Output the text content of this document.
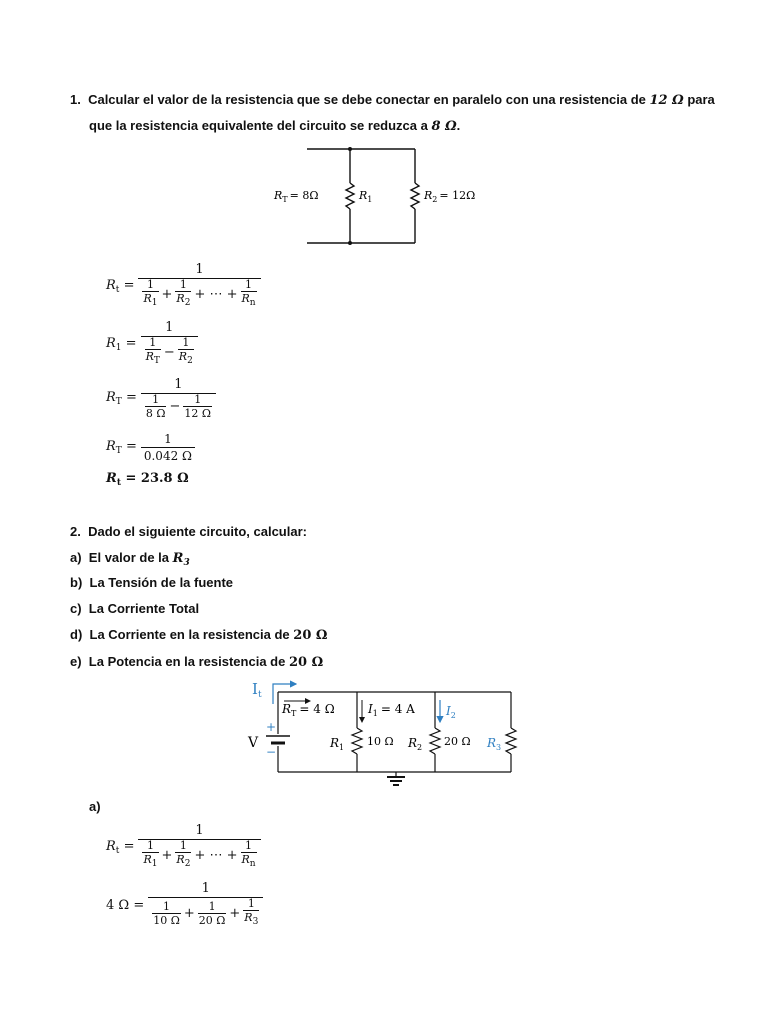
1. Calcular el valor de la resistencia que se debe conectar en paralelo con una resistencia de 12 Ω para
que la resistencia equivalente del circuito se reduzca a 8 Ω.
$R_T = 8\Omega$	$R_1$	$R_2 = 12\Omega$
$R_t = 1$
1
$R_1$
+ $\frac{1}{R_2}$ + ⋯ + $\frac{1}{R_n}$
$R_1 = 1$
1
$R_T$
− $\frac{1}{R_2}$
$R_T = 1$
1
8 $\Omega - \frac{1}{12 \Omega}$
$R_T = \frac{1}{0.042 \Omega}$
$R_t = 23.8$ Ω
2. Dado el siguiente circuito, calcular:
a) El valor de la $R_3$
b) La Tensión de la fuente
c) La Corriente Total
d) La Corriente en la resistencia de 20 Ω
e) La Potencia en la resistencia de 20 Ω
$I_t$
$R_T = 4$ Ω	$I_1 = 4$ A	$I_2$
+
−
V	$R_1$ 10 Ω $R_2$ 20 Ω $R_3$
a)
$R_t = 1$
1
$R_1$
+ $\frac{1}{R_2}$ + ⋯ + $\frac{1}{R_n}$
4 Ω = 1
1
10 $\Omega + \frac{1}{20 \Omega} + \frac{1}{R_3}$
